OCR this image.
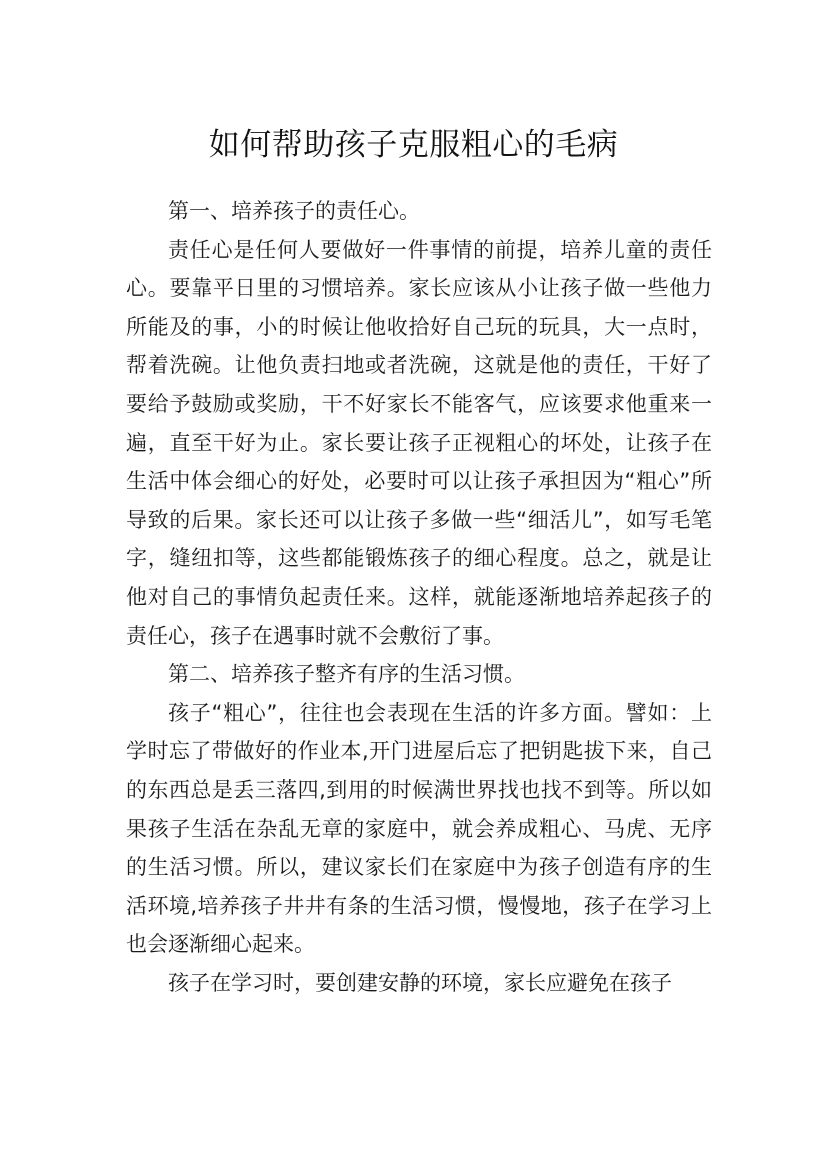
如何帮助孩子克服粗心的毛病

第一、培养孩子的责任心。

责任心是任何人要做好一件事情的前提，培养儿童的责任心。要靠平日里的习惯培养。家长应该从小让孩子做一些他力所能及的事，小的时候让他收拾好自己玩的玩具，大一点时，帮着洗碗。让他负责扫地或者洗碗，这就是他的责任，干好了要给予鼓励或奖励，干不好家长不能客气，应该要求他重来一遍，直至干好为止。家长要让孩子正视粗心的坏处，让孩子在生活中体会细心的好处，必要时可以让孩子承担因为“粗心”所导致的后果。家长还可以让孩子多做一些“细活儿”，如写毛笔字，缝纽扣等，这些都能锻炼孩子的细心程度。总之，就是让他对自己的事情负起责任来。这样，就能逐渐地培养起孩子的责任心，孩子在遇事时就不会敷衍了事。

第二、培养孩子整齐有序的生活习惯。

孩子“粗心”，往往也会表现在生活的许多方面。譬如：上学时忘了带做好的作业本,开门进屋后忘了把钥匙拔下来，自己的东西总是丢三落四,到用的时候满世界找也找不到等。所以如果孩子生活在杂乱无章的家庭中，就会养成粗心、马虎、无序的生活习惯。所以，建议家长们在家庭中为孩子创造有序的生活环境,培养孩子井井有条的生活习惯，慢慢地，孩子在学习上也会逐渐细心起来。

孩子在学习时，要创建安静的环境，家长应避免在孩子
